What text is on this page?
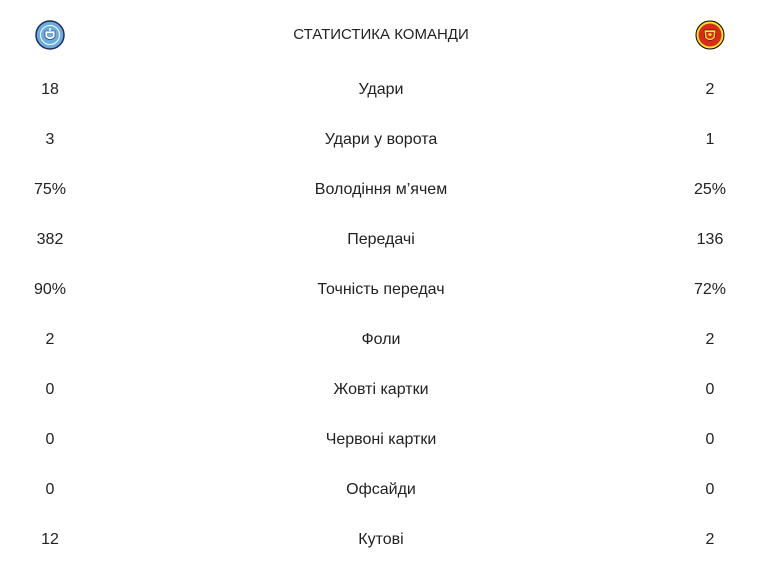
СТАТИСТИКА КОМАНДИ
18	Удари	2
3	Удари у ворота	1
75%	Володіння м’ячем	25%
382	Передачі	136
90%	Точність передач	72%
2	Фоли	2
0	Жовті картки	0
0	Червоні картки	0
0	Офсайди	0
12	Кутові	2
